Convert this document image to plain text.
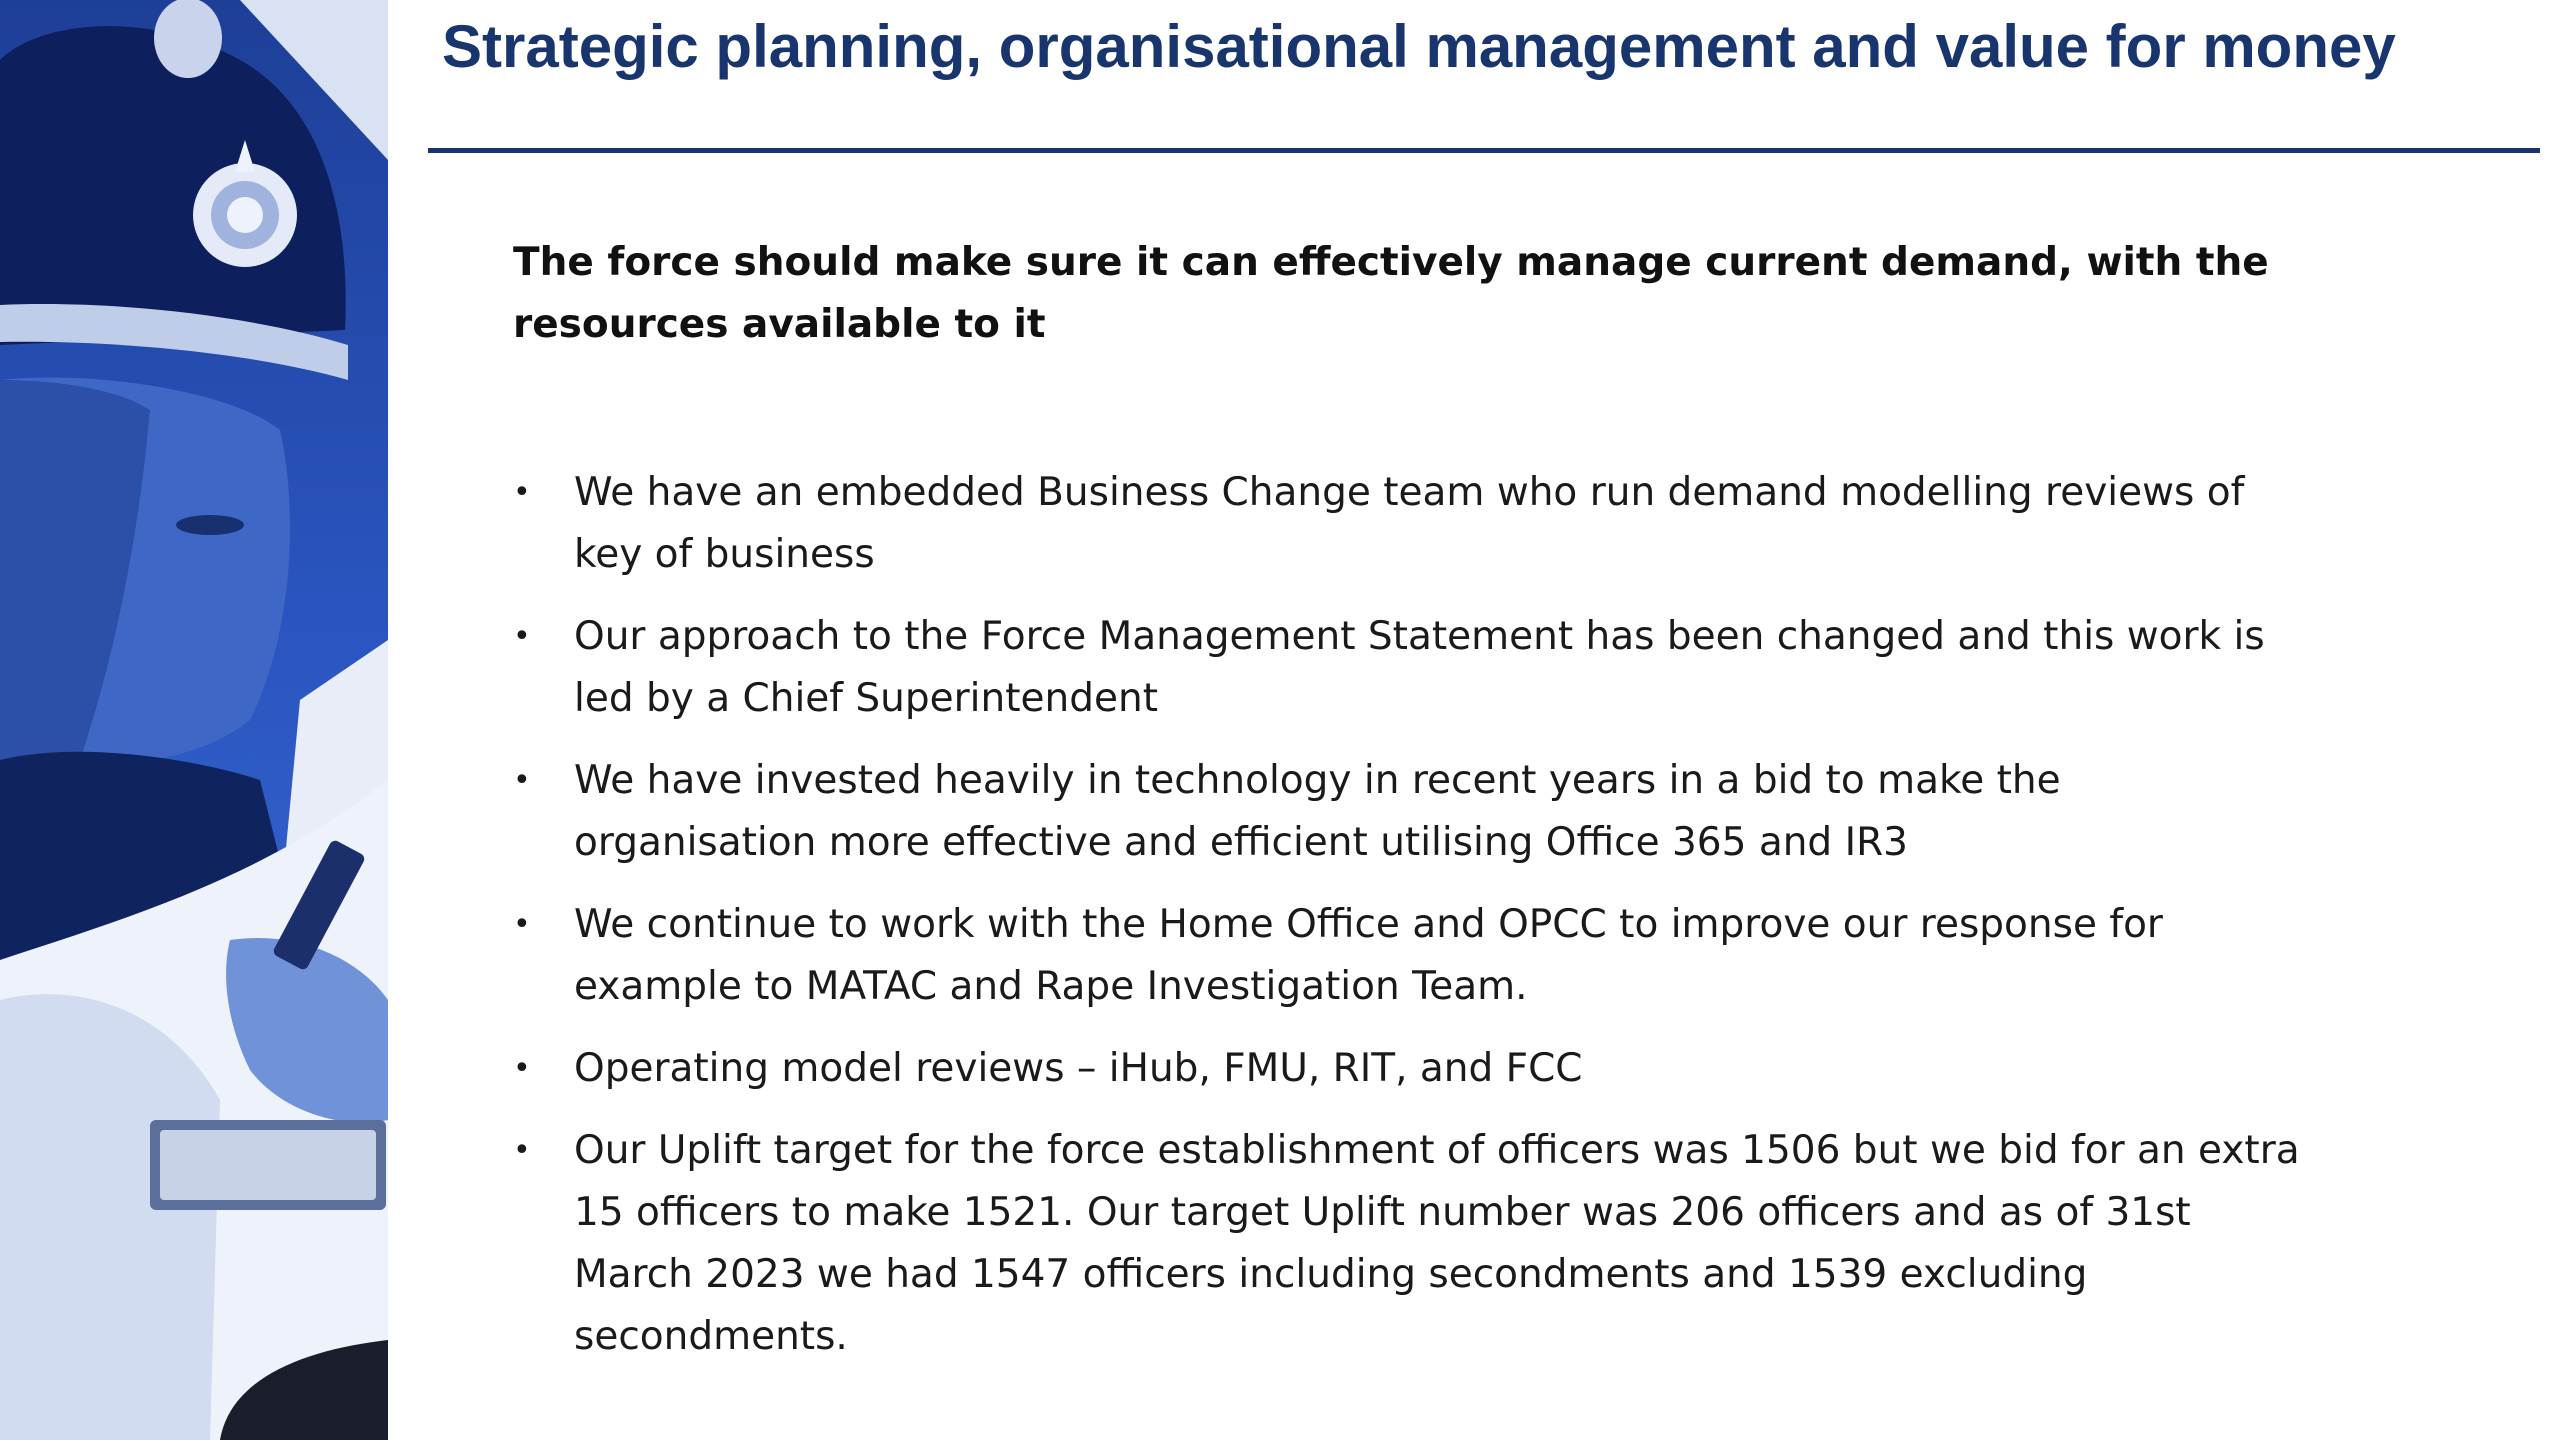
Strategic planning, organisational management and value for money

The force should make sure it can effectively manage current demand, with the resources available to it

• We have an embedded Business Change team who run demand modelling reviews of key of business
• Our approach to the Force Management Statement has been changed and this work is led by a Chief Superintendent
• We have invested heavily in technology in recent years in a bid to make the organisation more effective and efficient utilising Office 365 and IR3
• We continue to work with the Home Office and OPCC to improve our response for example to MATAC and Rape Investigation Team.
• Operating model reviews – iHub, FMU, RIT, and FCC
• Our Uplift target for the force establishment of officers was 1506 but we bid for an extra 15 officers to make 1521. Our target Uplift number was 206 officers and as of 31st March 2023 we had 1547 officers including secondments and 1539 excluding secondments.
